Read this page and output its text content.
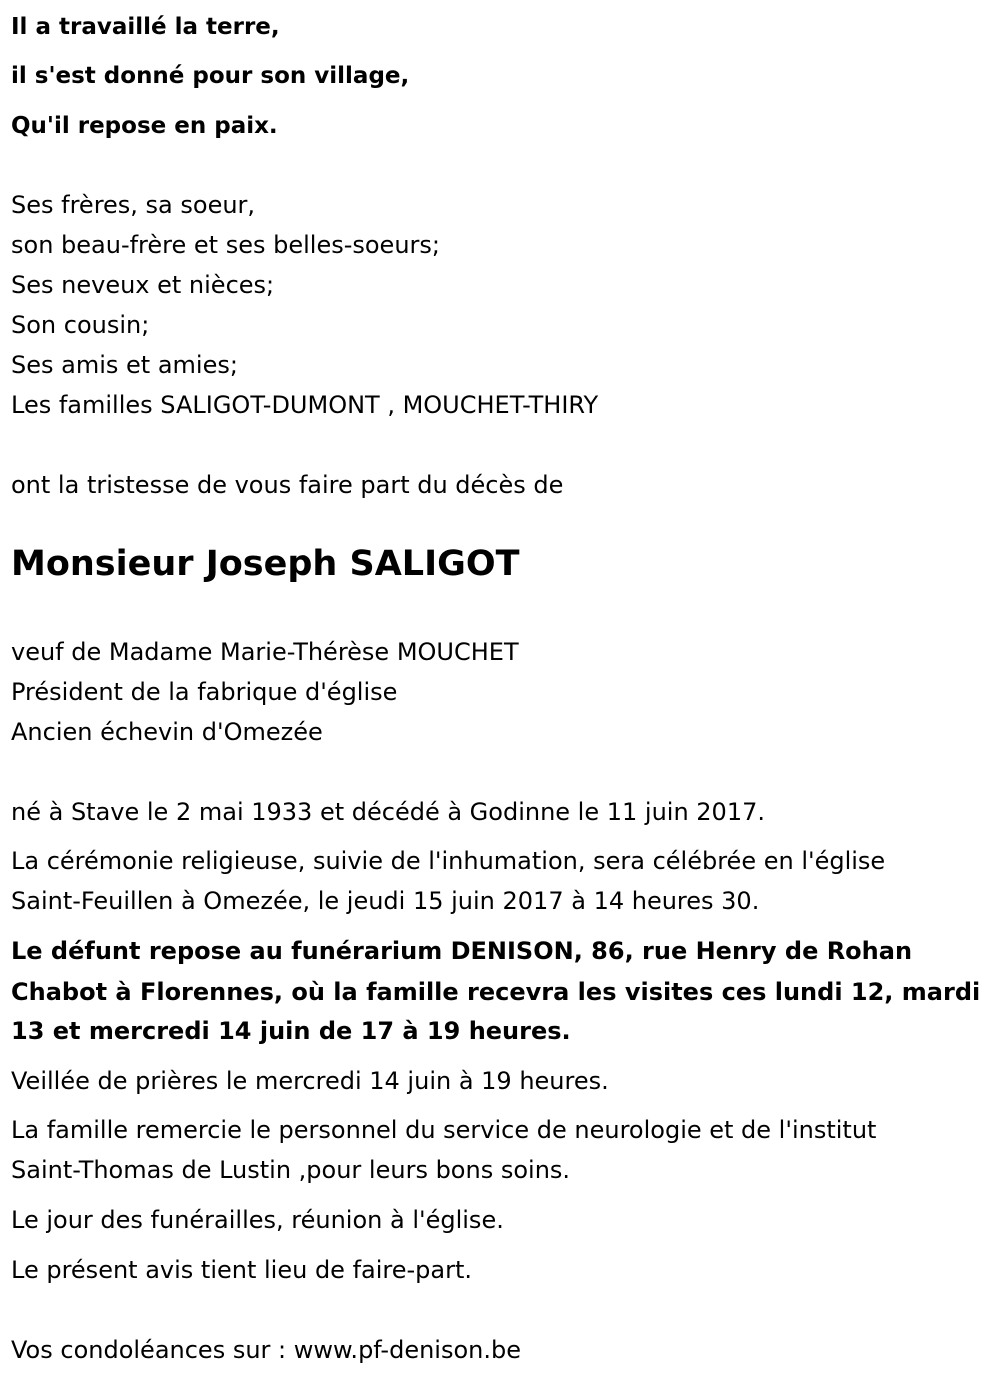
Il a travaillé la terre,
il s'est donné pour son village,
Qu'il repose en paix.
Ses frères, sa soeur,
son beau-frère et ses belles-soeurs;
Ses neveux et nièces;
Son cousin;
Ses amis et amies;
Les familles SALIGOT-DUMONT , MOUCHET-THIRY
ont la tristesse de vous faire part du décès de
Monsieur Joseph SALIGOT
veuf de Madame Marie-Thérèse MOUCHET
Président de la fabrique d'église
Ancien échevin d'Omezée
né à Stave le 2 mai 1933 et décédé à Godinne le 11 juin 2017.
La cérémonie religieuse, suivie de l'inhumation, sera célébrée en l'église
Saint-Feuillen à Omezée, le jeudi 15 juin 2017 à 14 heures 30.
Le défunt repose au funérarium DENISON, 86, rue Henry de Rohan
Chabot à Florennes, où la famille recevra les visites ces lundi 12, mardi
13 et mercredi 14 juin de 17 à 19 heures.
Veillée de prières le mercredi 14 juin à 19 heures.
La famille remercie le personnel du service de neurologie et de l'institut
Saint-Thomas de Lustin ,pour leurs bons soins.
Le jour des funérailles, réunion à l'église.
Le présent avis tient lieu de faire-part.
Vos condoléances sur : www.pf-denison.be
